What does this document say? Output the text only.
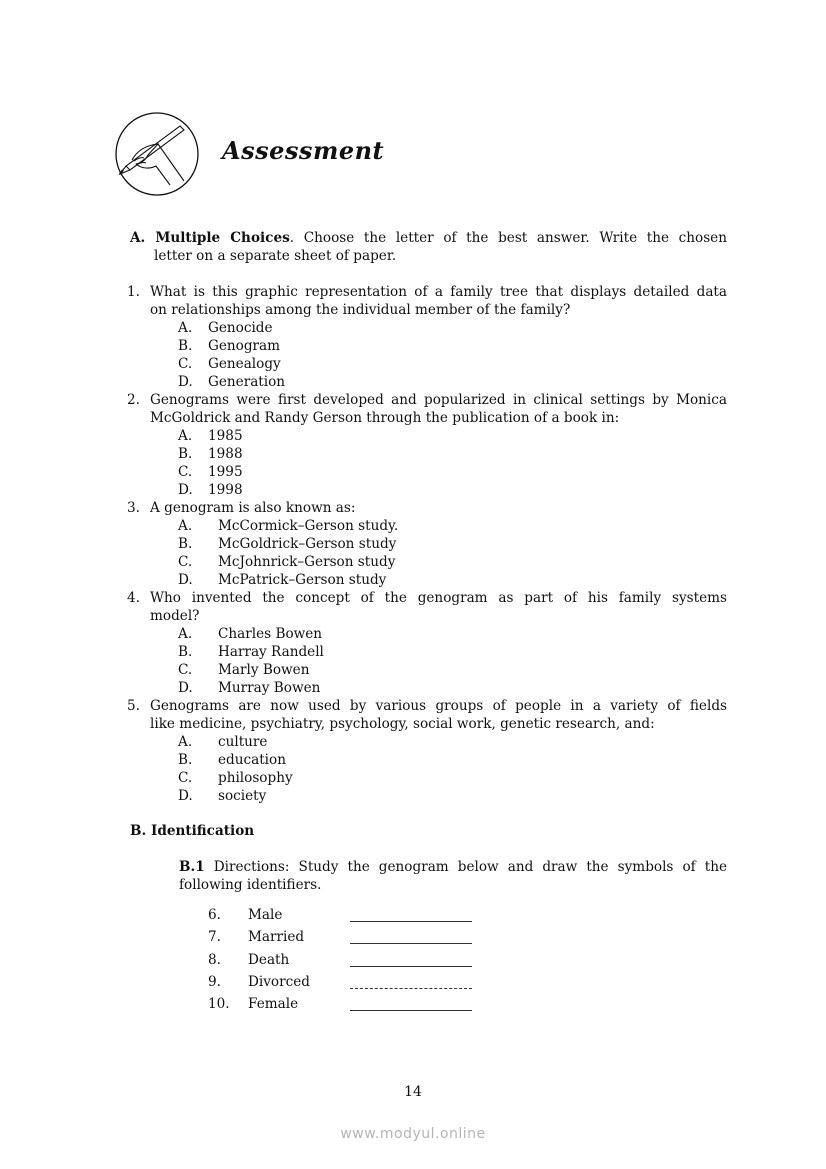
Assessment
A. Multiple Choices. Choose the letter of the best answer. Write the chosen
letter on a separate sheet of paper.
1. What is this graphic representation of a family tree that displays detailed data
on relationships among the individual member of the family?
A. Genocide
B. Genogram
C. Genealogy
D. Generation
2. Genograms were first developed and popularized in clinical settings by Monica
McGoldrick and Randy Gerson through the publication of a book in:
A. 1985
B. 1988
C. 1995
D. 1998
3. A genogram is also known as:
A. McCormick–Gerson study.
B. McGoldrick–Gerson study
C. McJohnrick–Gerson study
D. McPatrick–Gerson study
4. Who invented the concept of the genogram as part of his family systems
model?
A. Charles Bowen
B. Harray Randell
C. Marly Bowen
D. Murray Bowen
5. Genograms are now used by various groups of people in a variety of fields
like medicine, psychiatry, psychology, social work, genetic research, and:
A. culture
B. education
C. philosophy
D. society
B. Identification
B.1 Directions: Study the genogram below and draw the symbols of the
following identifiers.
6. Male
7. Married
8. Death
9. Divorced
10. Female
14
www.modyul.online
